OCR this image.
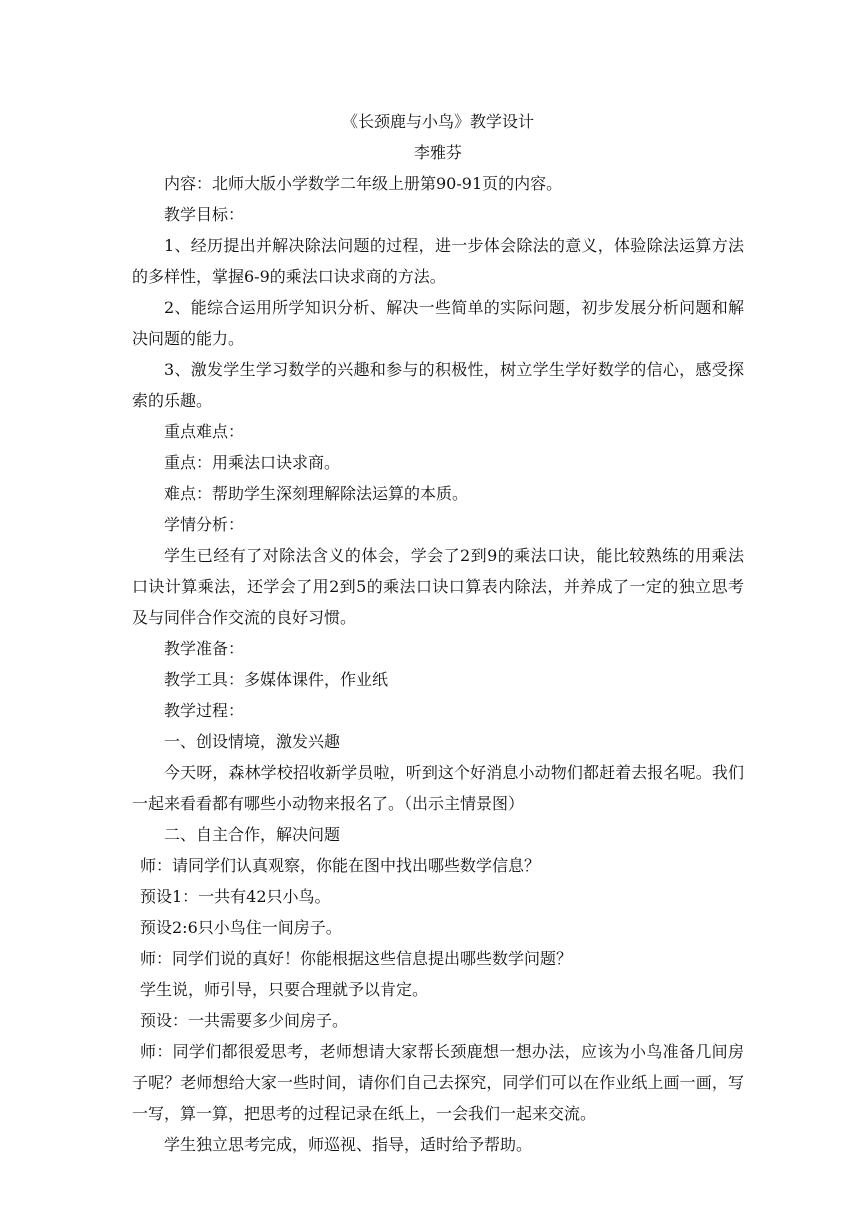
《长颈鹿与小鸟》教学设计
李雅芬
内容：北师大版小学数学二年级上册第90-91页的内容。
教学目标：
1、经历提出并解决除法问题的过程，进一步体会除法的意义，体验除法运算方法的多样性，掌握6-9的乘法口诀求商的方法。
2、能综合运用所学知识分析、解决一些简单的实际问题，初步发展分析问题和解决问题的能力。
3、激发学生学习数学的兴趣和参与的积极性，树立学生学好数学的信心，感受探索的乐趣。
重点难点：
重点：用乘法口诀求商。
难点：帮助学生深刻理解除法运算的本质。
学情分析：
学生已经有了对除法含义的体会，学会了2到9的乘法口诀，能比较熟练的用乘法口诀计算乘法，还学会了用2到5的乘法口诀口算表内除法，并养成了一定的独立思考及与同伴合作交流的良好习惯。
教学准备：
教学工具：多媒体课件，作业纸
教学过程：
一、创设情境，激发兴趣
今天呀，森林学校招收新学员啦，听到这个好消息小动物们都赶着去报名呢。我们一起来看看都有哪些小动物来报名了。（出示主情景图）
二、自主合作，解决问题
师：请同学们认真观察，你能在图中找出哪些数学信息？
预设1：一共有42只小鸟。
预设2:6只小鸟住一间房子。
师：同学们说的真好！你能根据这些信息提出哪些数学问题？
学生说，师引导，只要合理就予以肯定。
预设：一共需要多少间房子。
师：同学们都很爱思考，老师想请大家帮长颈鹿想一想办法，应该为小鸟准备几间房子呢？老师想给大家一些时间，请你们自己去探究，同学们可以在作业纸上画一画，写一写，算一算，把思考的过程记录在纸上，一会我们一起来交流。
学生独立思考完成，师巡视、指导，适时给予帮助。
